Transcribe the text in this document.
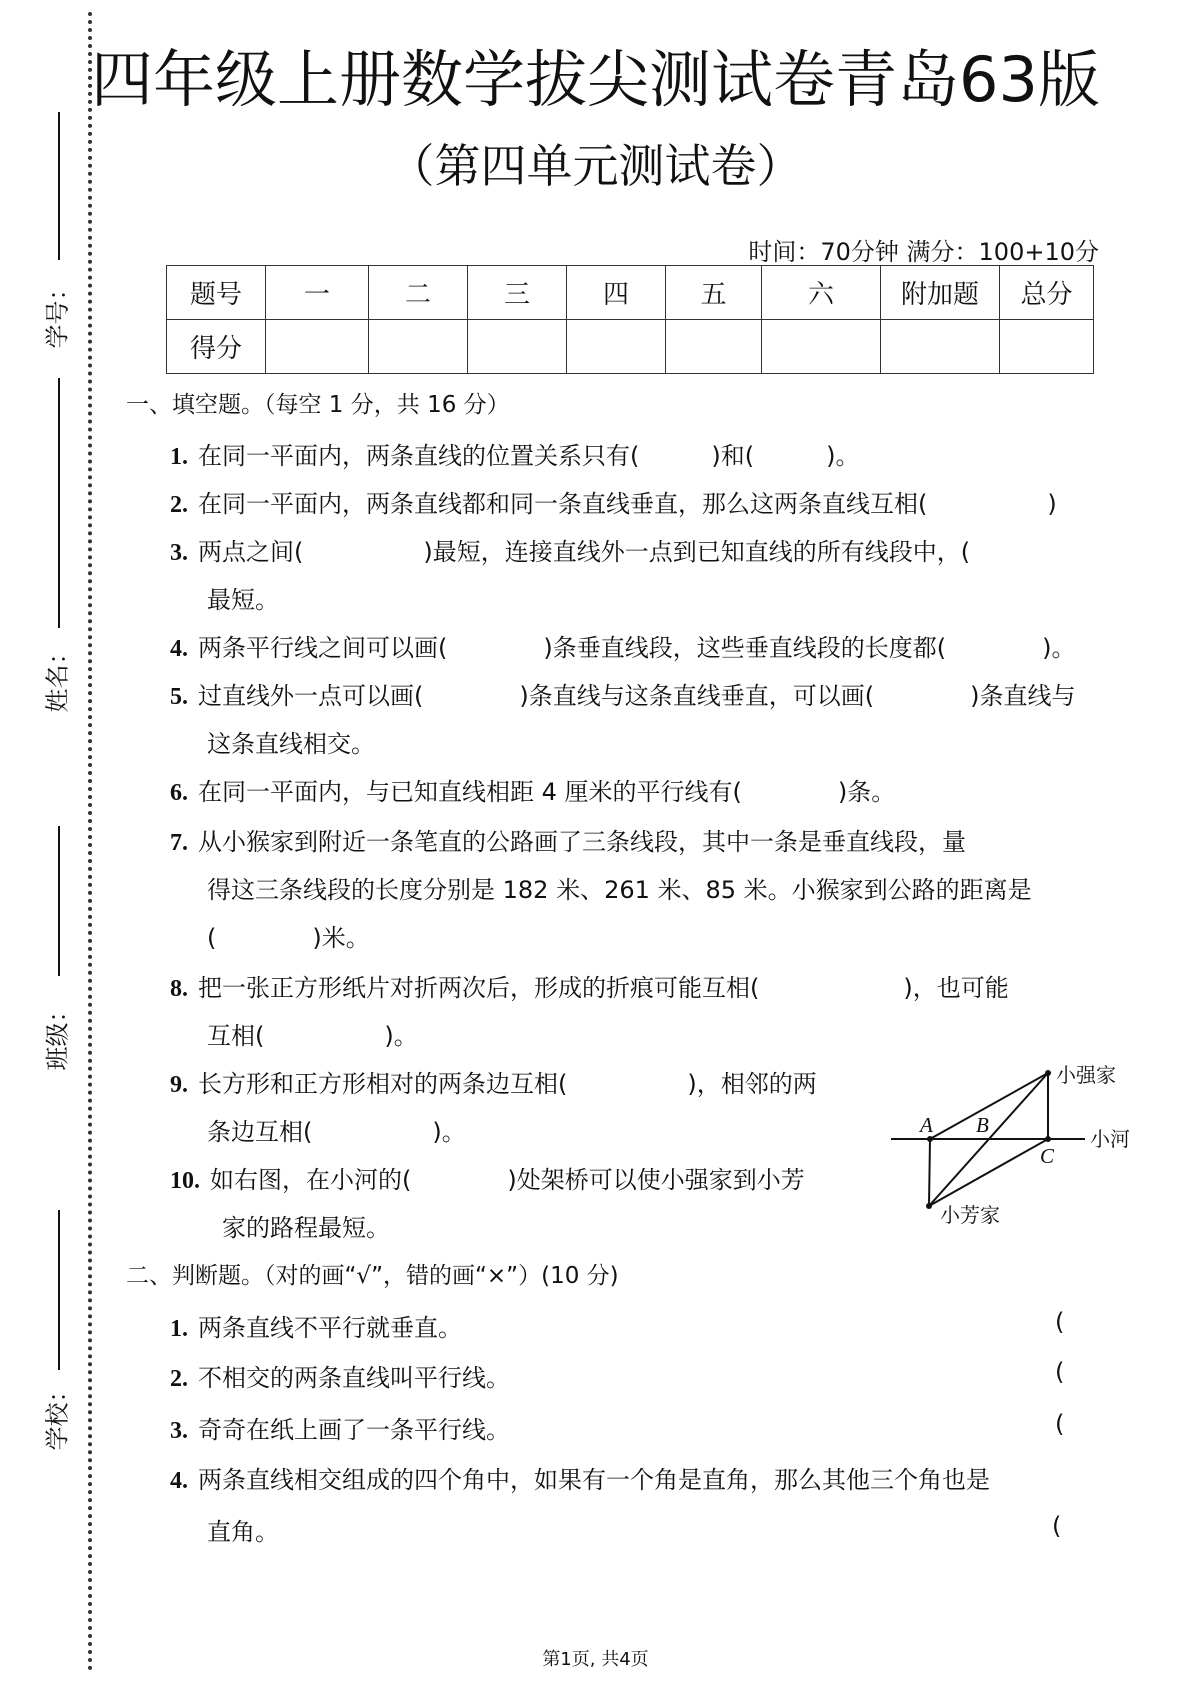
学号：
姓名：
班级：
学校：
四年级上册数学拔尖测试卷青岛63版
（第四单元测试卷）
时间：70分钟 满分：100+10分
题号	一	二	三	四	五	六	附加题	总分
得分								
一、填空题。（每空 1 分，共 16 分）
1. 在同一平面内，两条直线的位置关系只有(　　　)和(　　　)。
2. 在同一平面内，两条直线都和同一条直线垂直，那么这两条直线互相(　　　　　)
3. 两点之间(　　　　　)最短，连接直线外一点到已知直线的所有线段中，(
最短。
4. 两条平行线之间可以画(　　　　)条垂直线段，这些垂直线段的长度都(　　　　)。
5. 过直线外一点可以画(　　　　)条直线与这条直线垂直，可以画(　　　　)条直线与
这条直线相交。
6. 在同一平面内，与已知直线相距 4 厘米的平行线有(　　　　)条。
7. 从小猴家到附近一条笔直的公路画了三条线段，其中一条是垂直线段，量
得这三条线段的长度分别是 182 米、261 米、85 米。小猴家到公路的距离是
(　　　　)米。
8. 把一张正方形纸片对折两次后，形成的折痕可能互相(　　　　　　)，也可能
互相(　　　　　)。
9. 长方形和正方形相对的两条边互相(　　　　　)，相邻的两
条边互相(　　　　　)。
10. 如右图，在小河的(　　　　)处架桥可以使小强家到小芳
家的路程最短。
A B
C
小河
小强家
小芳家
二、判断题。（对的画“√”，错的画“×”）(10 分)
1. 两条直线不平行就垂直。	(
2. 不相交的两条直线叫平行线。	(
3. 奇奇在纸上画了一条平行线。	(
4. 两条直线相交组成的四个角中，如果有一个角是直角，那么其他三个角也是
直角。	(
第1页, 共4页
